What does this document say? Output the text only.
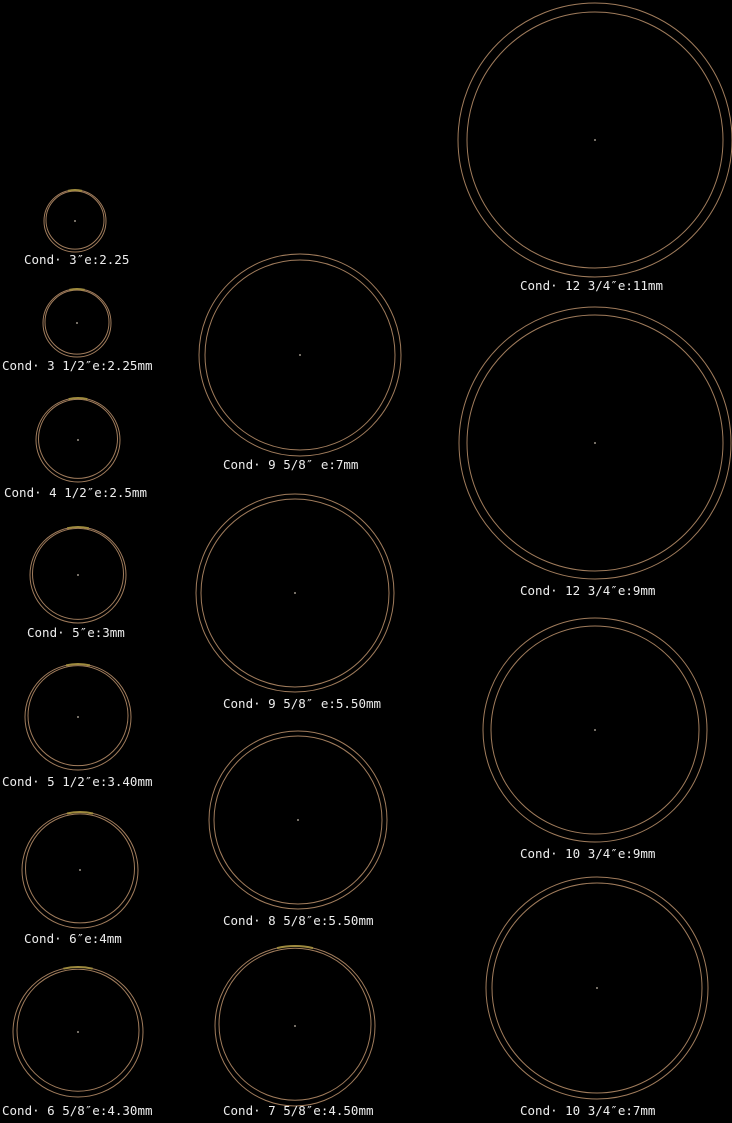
Cond· 3″e:2.25
Cond· 3 1/2″e:2.25mm
Cond· 4 1/2″e:2.5mm
Cond· 5″e:3mm
Cond· 5 1/2″e:3.40mm
Cond· 6″e:4mm
Cond· 6 5/8″e:4.30mm
Cond· 9 5/8″ e:7mm
Cond· 9 5/8″ e:5.50mm
Cond· 8 5/8″e:5.50mm
Cond· 7 5/8″e:4.50mm
Cond· 12 3/4″e:11mm
Cond· 12 3/4″e:9mm
Cond· 10 3/4″e:9mm
Cond· 10 3/4″e:7mm
